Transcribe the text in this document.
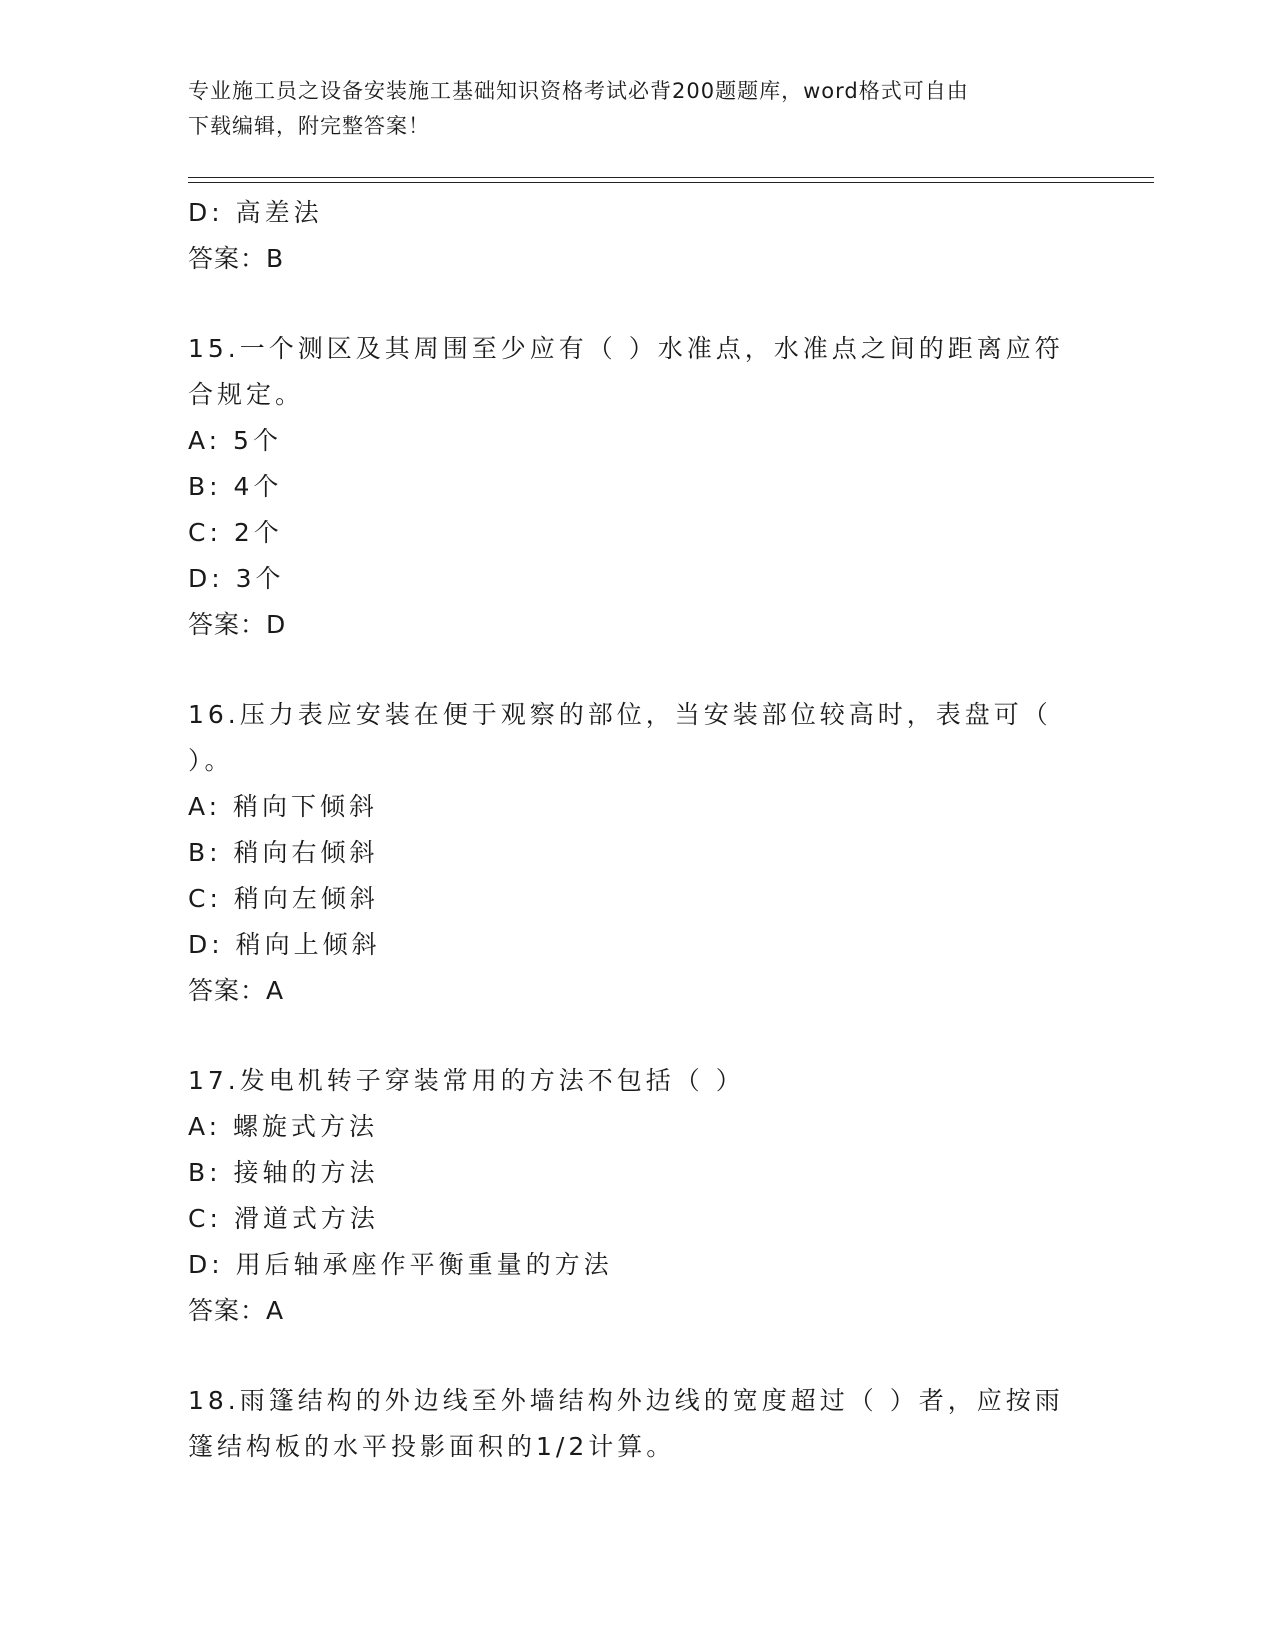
专业施工员之设备安装施工基础知识资格考试必背200题题库，word格式可自由
下载编辑，附完整答案！
D: 高差法
答案：B
15.一个测区及其周围至少应有（ ）水准点，水准点之间的距离应符
合规定。
A: 5个
B: 4个
C: 2个
D: 3个
答案：D
16.压力表应安装在便于观察的部位，当安装部位较高时，表盘可（
）。
A: 稍向下倾斜
B: 稍向右倾斜
C: 稍向左倾斜
D: 稍向上倾斜
答案：A
17.发电机转子穿装常用的方法不包括（ ）
A: 螺旋式方法
B: 接轴的方法
C: 滑道式方法
D: 用后轴承座作平衡重量的方法
答案：A
18.雨篷结构的外边线至外墙结构外边线的宽度超过（ ）者，应按雨
篷结构板的水平投影面积的1/2计算。
